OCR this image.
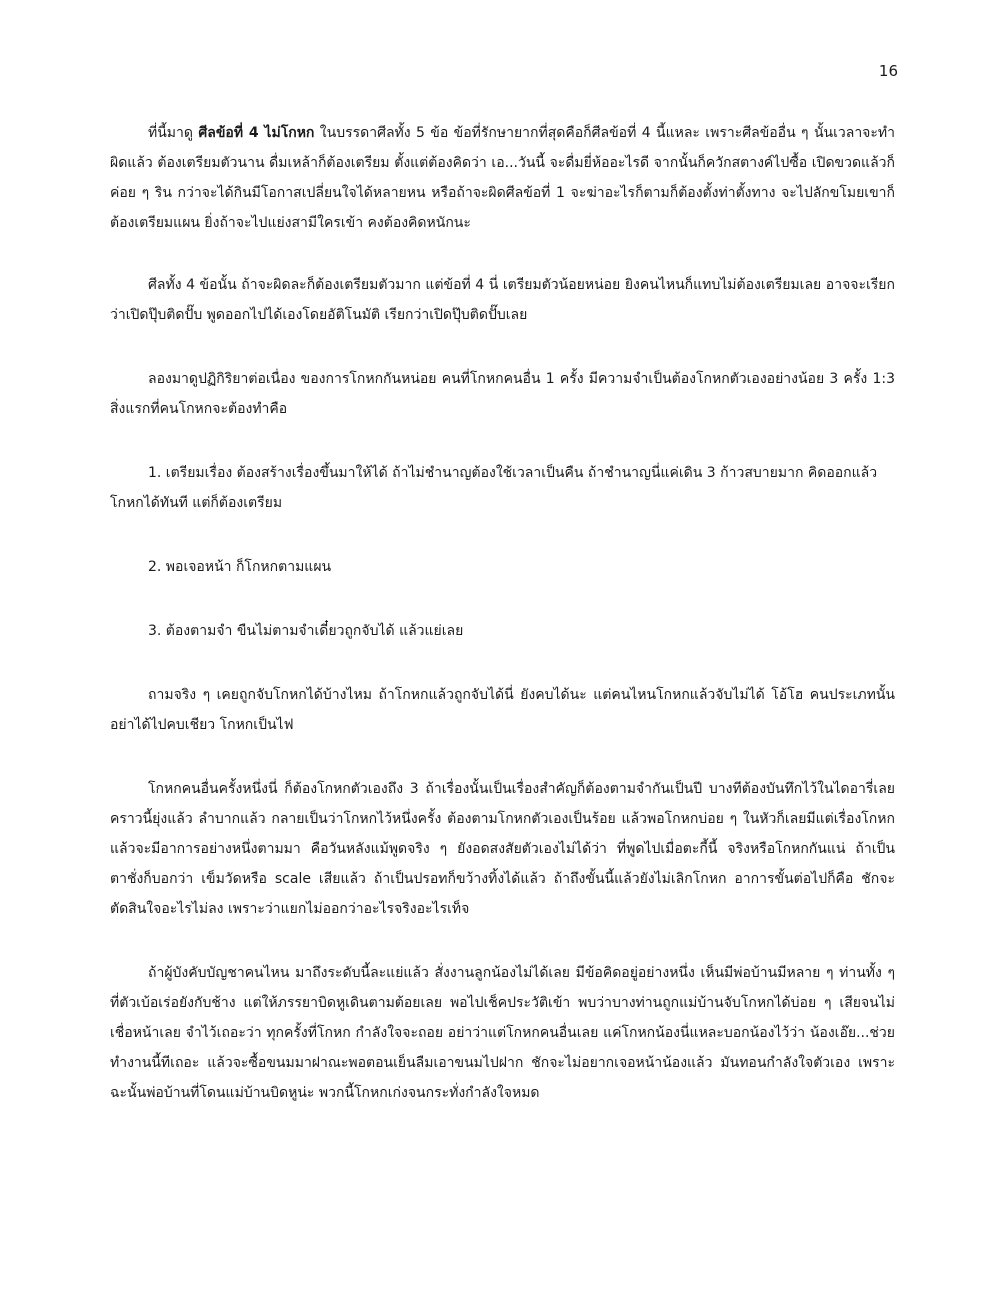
16

ที่นี้มาดู ศีลข้อที่ 4 ไม่โกหก ในบรรดาศีลทั้ง 5 ข้อ ข้อที่รักษายากที่สุดคือก็ศีลข้อที่ 4 นี้แหละ เพราะศีลข้ออื่น ๆ นั้นเวลาจะทำผิดแล้ว ต้องเตรียมตัวนาน ดื่มเหล้าก็ต้องเตรียม ตั้งแต่ต้องคิดว่า เอ...วันนี้ จะดื่มยี่ห้ออะไรดี จากนั้นก็ควักสตางค์ไปซื้อ เปิดขวดแล้วก็ค่อย ๆ ริน กว่าจะได้กินมีโอกาสเปลี่ยนใจได้หลายหน หรือถ้าจะผิดศีลข้อที่ 1 จะฆ่าอะไรก็ตามก็ต้องตั้งท่าตั้งทาง จะไปลักขโมยเขาก็ต้องเตรียมแผน ยิ่งถ้าจะไปแย่งสามีใครเข้า คงต้องคิดหนักนะ

ศีลทั้ง 4 ข้อนั้น ถ้าจะผิดละก็ต้องเตรียมตัวมาก แต่ข้อที่ 4 นี่ เตรียมตัวน้อยหน่อย ยิงคนไหนก็แทบไม่ต้องเตรียมเลย อาจจะเรียกว่าเปิดปุ๊บติดปั๊บ พูดออกไปได้เองโดยอัติโนมัติ เรียกว่าเปิดปุ๊บติดปั๊บเลย

ลองมาดูปฏิกิริยาต่อเนื่อง ของการโกหกกันหน่อย คนที่โกหกคนอื่น 1 ครั้ง มีความจำเป็นต้องโกหกตัวเองอย่างน้อย 3 ครั้ง 1:3 สิ่งแรกที่คนโกหกจะต้องทำคือ

1. เตรียมเรื่อง ต้องสร้างเรื่องขึ้นมาให้ได้ ถ้าไม่ชำนาญต้องใช้เวลาเป็นคืน ถ้าชำนาญนี่แค่เดิน 3 ก้าวสบายมาก คิดออกแล้วโกหกได้ทันที แต่ก็ต้องเตรียม

2. พอเจอหน้า ก็โกหกตามแผน

3. ต้องตามจำ ขืนไม่ตามจำเดี๋ยวถูกจับได้ แล้วแย่เลย

ถามจริง ๆ เคยถูกจับโกหกได้บ้างไหม ถ้าโกหกแล้วถูกจับได้นี่ ยังคบได้นะ แต่คนไหนโกหกแล้วจับไม่ได้ โอ้โฮ คนประเภทนั้นอย่าได้ไปคบเชียว โกหกเป็นไฟ

โกหกคนอื่นครั้งหนึ่งนี่ ก็ต้องโกหกตัวเองถึง 3 ถ้าเรื่องนั้นเป็นเรื่องสำคัญก็ต้องตามจำกันเป็นปี บางทีต้องบันทึกไว้ในไดอารี่เลย คราวนี้ยุ่งแล้ว ลำบากแล้ว กลายเป็นว่าโกหกไว้หนึ่งครั้ง ต้องตามโกหกตัวเองเป็นร้อย แล้วพอโกหกบ่อย ๆ ในหัวก็เลยมีแต่เรื่องโกหก แล้วจะมีอาการอย่างหนึ่งตามมา คือวันหลังแม้พูดจริง ๆ ยังอดสงสัยตัวเองไม่ได้ว่า ที่พูดไปเมื่อตะกี้นี้ จริงหรือโกหกกันแน่ ถ้าเป็นตาชั่งก็บอกว่า เข็มวัดหรือ scale เสียแล้ว ถ้าเป็นปรอทก็ขว้างทิ้งได้แล้ว ถ้าถึงขั้นนี้แล้วยังไม่เลิกโกหก อาการขั้นต่อไปก็คือ ชักจะตัดสินใจอะไรไม่ลง เพราะว่าแยกไม่ออกว่าอะไรจริงอะไรเท็จ

ถ้าผู้บังคับบัญชาคนไหน มาถึงระดับนี้ละแย่แล้ว สั่งงานลูกน้องไม่ได้เลย มีข้อคิดอยู่อย่างหนึ่ง เห็นมีพ่อบ้านมีหลาย ๆ ท่านทั้ง ๆ ที่ตัวเบ้อเร่อยังกับช้าง แต่ให้ภรรยาบิดหูเดินตามต้อยเลย พอไปเช็คประวัติเข้า พบว่าบางท่านถูกแม่บ้านจับโกหกได้บ่อย ๆ เสียจนไม่เชื่อหน้าเลย จำไว้เถอะว่า ทุกครั้งที่โกหก กำลังใจจะถอย อย่าว่าแต่โกหกคนอื่นเลย แค่โกหกน้องนี่แหละบอกน้องไว้ว่า น้องเอ๊ย...ช่วยทำงานนี้ทีเถอะ แล้วจะซื้อขนมมาฝาณะพอตอนเย็นลืมเอาขนมไปฝาก ชักจะไม่อยากเจอหน้าน้องแล้ว มันทอนกำลังใจตัวเอง เพราะฉะนั้นพ่อบ้านที่โดนแม่บ้านบิดหูน่ะ พวกนี้โกหกเก่งจนกระทั่งกำลังใจหมด
